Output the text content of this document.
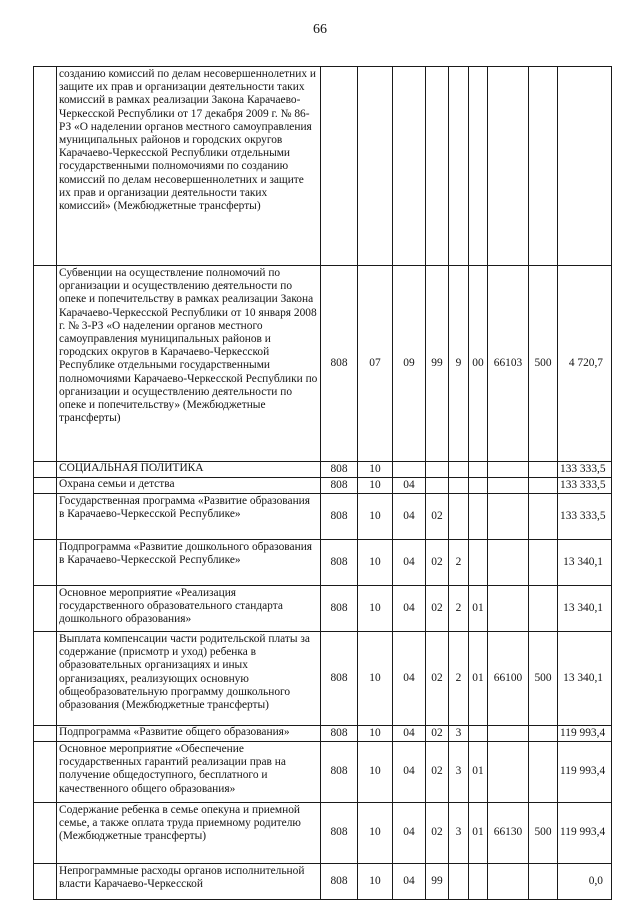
66
	созданию комиссий по делам несовершеннолетних и защите их прав и организации деятельности таких комиссий в рамках реализации Закона Карачаево-Черкесской Республики от 17 декабря 2009 г. № 86-РЗ «О наделении органов местного самоуправления муниципальных районов и городских округов Карачаево-Черкесской Республики отдельными государственными полномочиями по созданию комиссий по делам несовершеннолетних и защите их прав и организации деятельности таких комиссий» (Межбюджетные трансферты)									
	Субвенции на осуществление полномочий по организации и осуществлению деятельности по опеке и попечительству в рамках реализации Закона Карачаево-Черкесской Республики от 10 января 2008 г. № 3-РЗ «О наделении органов местного самоуправления муниципальных районов и городских округов в Карачаево-Черкесской Республике отдельными государственными полномочиями Карачаево-Черкесской Республики по организации и осуществлению деятельности по опеке и попечительству» (Межбюджетные трансферты)	808	07	09	99	9	00	66103	500	4 720,7
	СОЦИАЛЬНАЯ ПОЛИТИКА	808	10							133 333,5
	Охрана семьи и детства	808	10	04						133 333,5
	Государственная программа «Развитие образования в Карачаево-Черкесской Республике»	808	10	04	02					133 333,5
	Подпрограмма «Развитие дошкольного образования в Карачаево-Черкесской Республике»	808	10	04	02	2				13 340,1
	Основное мероприятие «Реализация государственного образовательного стандарта дошкольного образования»	808	10	04	02	2	01			13 340,1
	Выплата компенсации части родительской платы за содержание (присмотр и уход) ребенка в образовательных организациях и иных организациях, реализующих основную общеобразовательную программу дошкольного образования (Межбюджетные трансферты)	808	10	04	02	2	01	66100	500	13 340,1
	Подпрограмма «Развитие общего образования»	808	10	04	02	3				119 993,4
	Основное мероприятие «Обеспечение государственных гарантий реализации прав на получение общедоступного, бесплатного и качественного общего образования»	808	10	04	02	3	01			119 993,4
	Содержание ребенка в семье опекуна и приемной семье, а также оплата труда приемному родителю (Межбюджетные трансферты)	808	10	04	02	3	01	66130	500	119 993,4
	Непрограммные расходы органов исполнительной власти Карачаево-Черкесской	808	10	04	99					0,0
